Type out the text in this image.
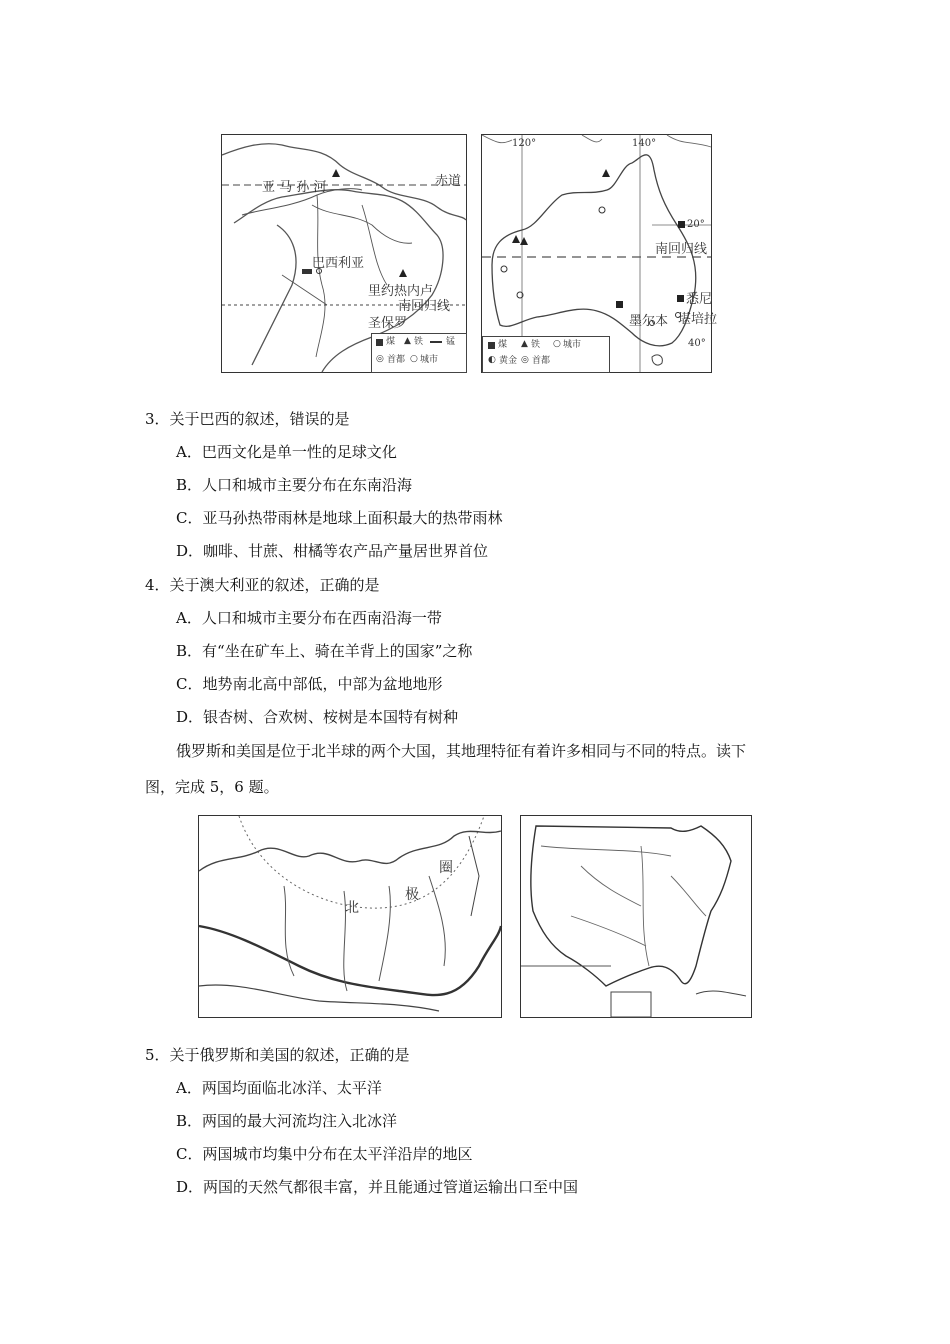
亚 马 孙 河	赤道
巴西利亚
里约热内卢
南回归线
圣保罗
煤 ▲ 铁	锰
◎ 首都 ○ 城市
120°	140°
20°
南回归线
悉尼
堪培拉
墨尔本
40°
煤 ▲ 铁 ○ 城市
◐ 黄金 ◎ 首都
3．关于巴西的叙述，错误的是
A．巴西文化是单一性的足球文化
B．人口和城市主要分布在东南沿海
C．亚马孙热带雨林是地球上面积最大的热带雨林
D．咖啡、甘蔗、柑橘等农产品产量居世界首位
4．关于澳大利亚的叙述，正确的是
A．人口和城市主要分布在西南沿海一带
B．有“坐在矿车上、骑在羊背上的国家”之称
C．地势南北高中部低，中部为盆地地形
D．银杏树、合欢树、桉树是本国特有树种
俄罗斯和美国是位于北半球的两个大国，其地理特征有着许多相同与不同的特点。读下
图，完成 5，6 题。
北
极
圈
5．关于俄罗斯和美国的叙述，正确的是
A．两国均面临北冰洋、太平洋
B．两国的最大河流均注入北冰洋
C．两国城市均集中分布在太平洋沿岸的地区
D．两国的天然气都很丰富，并且能通过管道运输出口至中国
